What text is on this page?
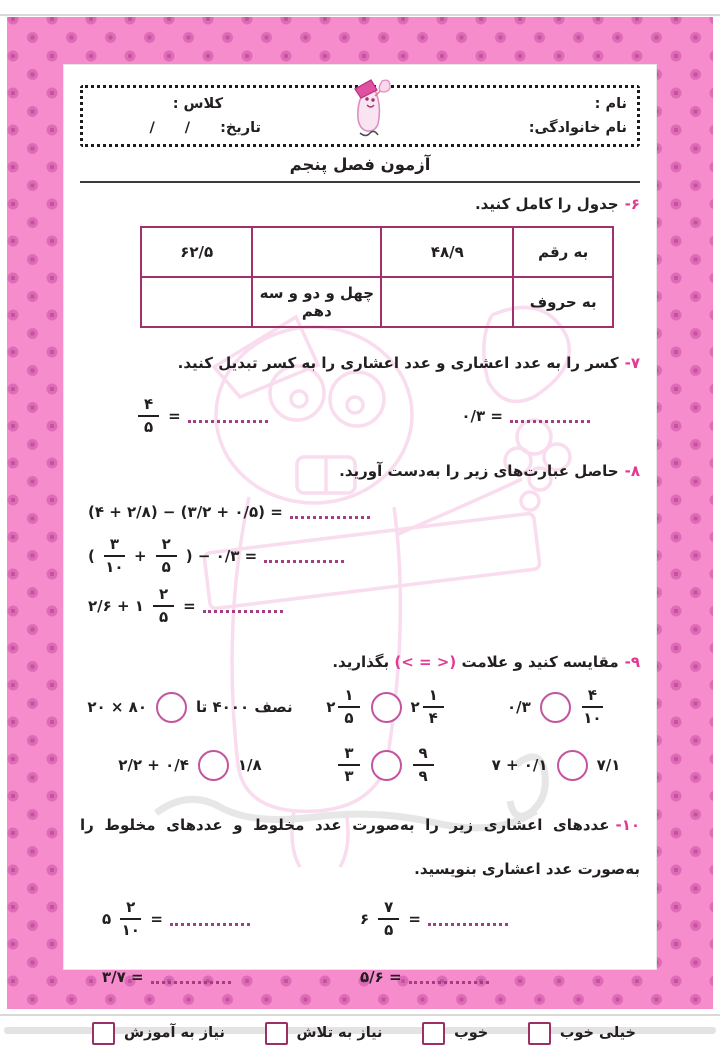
نام :
نام خانوادگی:
کلاس :
تاریخ:
/
/
آزمون فصل پنجم
۶-جدول را کامل کنید.
به رقم	۴۸/۹		۶۲/۵
به حروف		چهل و دو و سه دهم	
۷-کسر را به عدد اعشاری و عدد اعشاری را به کسر تبدیل کنید.
۰/۳ =
$\frac{۴}{۵}$ =
۸-حاصل عبارت‌های زیر را به‌دست آورید.
(۴ + ۲/۸) − (۳/۲ + ۰/۵) =
( $\frac{۳}{۱۰} + \frac{۲}{۵}$ ) − ۰/۳ =
۲/۶ + ۱ $\frac{۲}{۵}$ =
۹-مقایسه کنید و علامت (< = >) بگذارید.
۰/۳	$\frac{۴}{۱۰}$
۲ $\frac{۱}{۵}$	۲ $\frac{۱}{۴}$
۲۰ × ۸۰	نصف ۴۰۰۰ تا
۷ + ۰/۱	۷/۱
$\frac{۳}{۳}$	$\frac{۹}{۹}$
۲/۲ + ۰/۴	۱/۸
۱۰-عددهای اعشاری زیر را به‌صورت عدد مخلوط و عددهای مخلوط را به‌صورت عدد اعشاری بنویسید.
۶ $\frac{۷}{۵}$ =
۵ $\frac{۲}{۱۰}$ =
۵/۶ =
۳/۷ =
خیلی خوب
خوب
نیاز به تلاش
نیاز به آموزش
